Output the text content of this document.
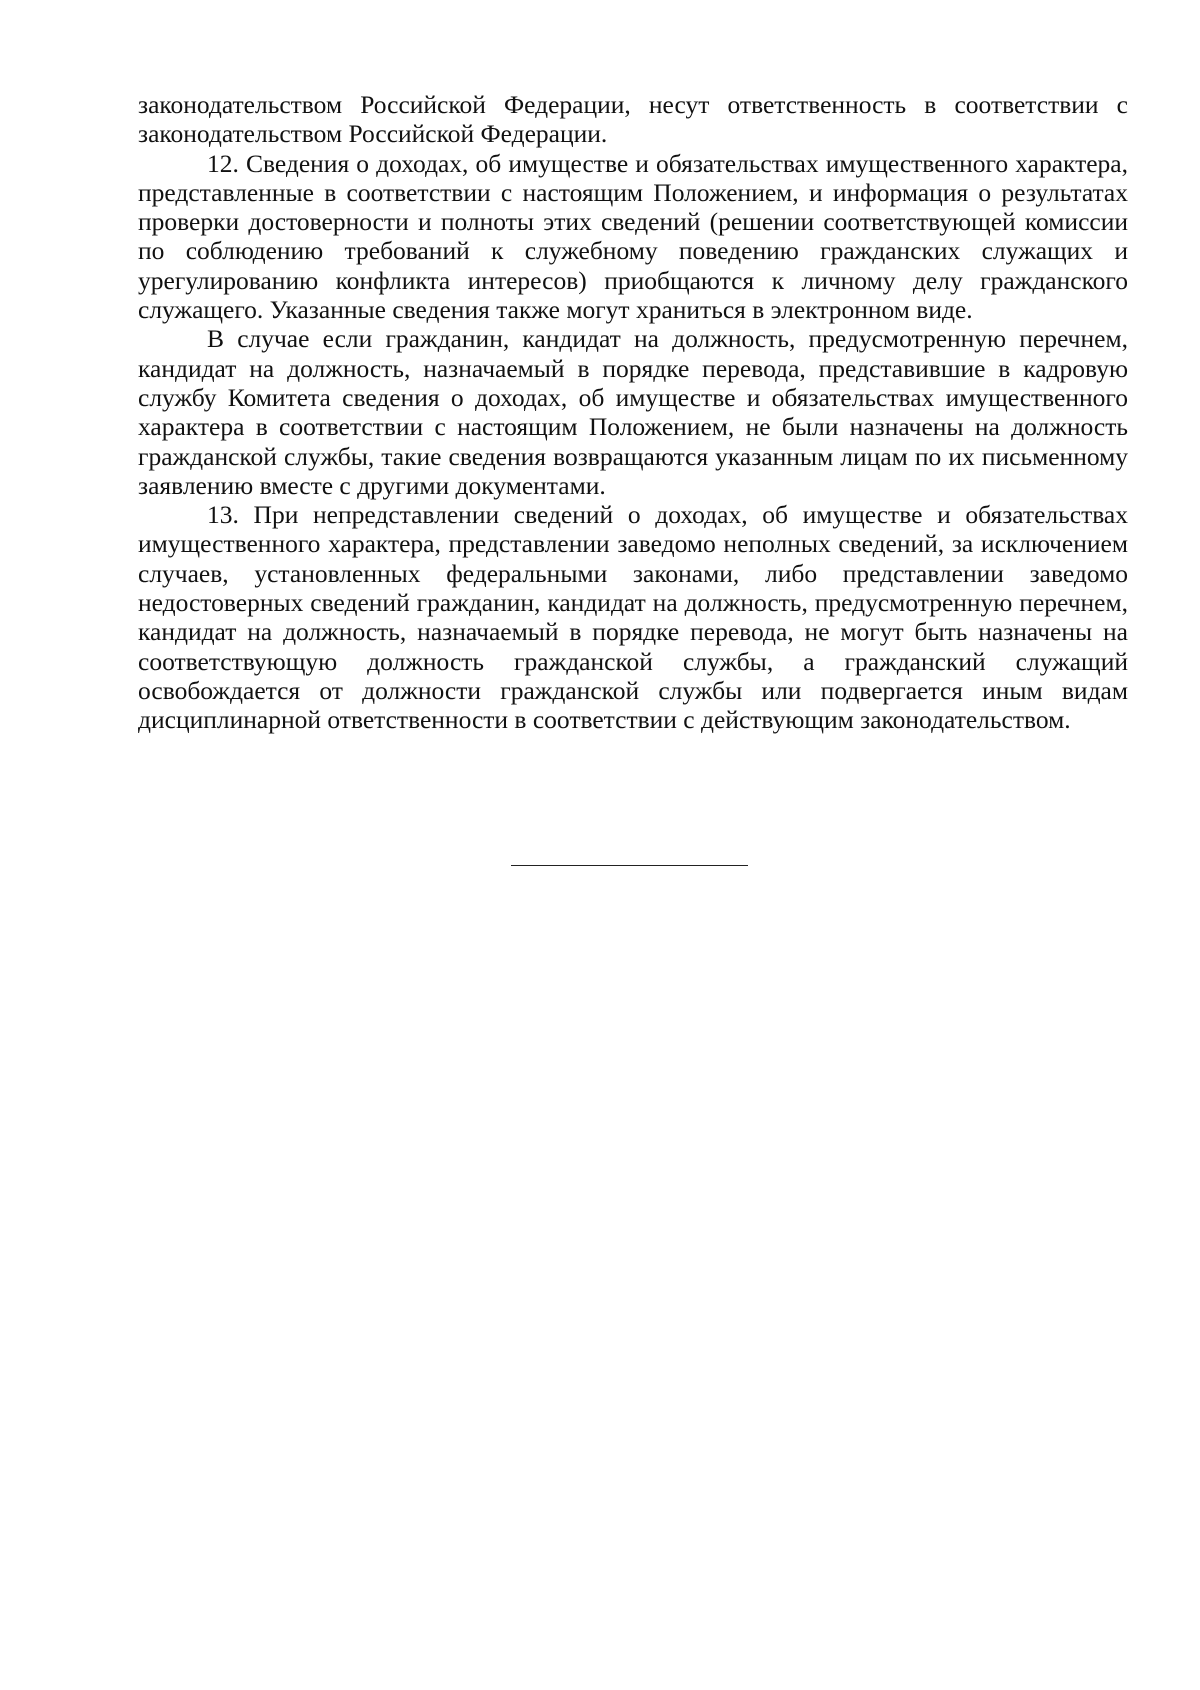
законодательством Российской Федерации, несут ответственность в соответствии с законодательством Российской Федерации.

12. Сведения о доходах, об имуществе и обязательствах имущественного характера, представленные в соответствии с настоящим Положением, и информация о результатах проверки достоверности и полноты этих сведений (решении соответствующей комиссии по соблюдению требований к служебному поведению гражданских служащих и урегулированию конфликта интересов) приобщаются к личному делу гражданского служащего. Указанные сведения также могут храниться в электронном виде.

В случае если гражданин, кандидат на должность, предусмотренную перечнем, кандидат на должность, назначаемый в порядке перевода, представившие в кадровую службу Комитета сведения о доходах, об имуществе и обязательствах имущественного характера в соответствии с настоящим Положением, не были назначены на должность гражданской службы, такие сведения возвращаются указанным лицам по их письменному заявлению вместе с другими документами.

13. При непредставлении сведений о доходах, об имуществе и обязательствах имущественного характера, представлении заведомо неполных сведений, за исключением случаев, установленных федеральными законами, либо представлении заведомо недостоверных сведений гражданин, кандидат на должность, предусмотренную перечнем, кандидат на должность, назначаемый в порядке перевода, не могут быть назначены на соответствующую должность гражданской службы, а гражданский служащий освобождается от должности гражданской службы или подвергается иным видам дисциплинарной ответственности в соответствии с действующим законодательством.
